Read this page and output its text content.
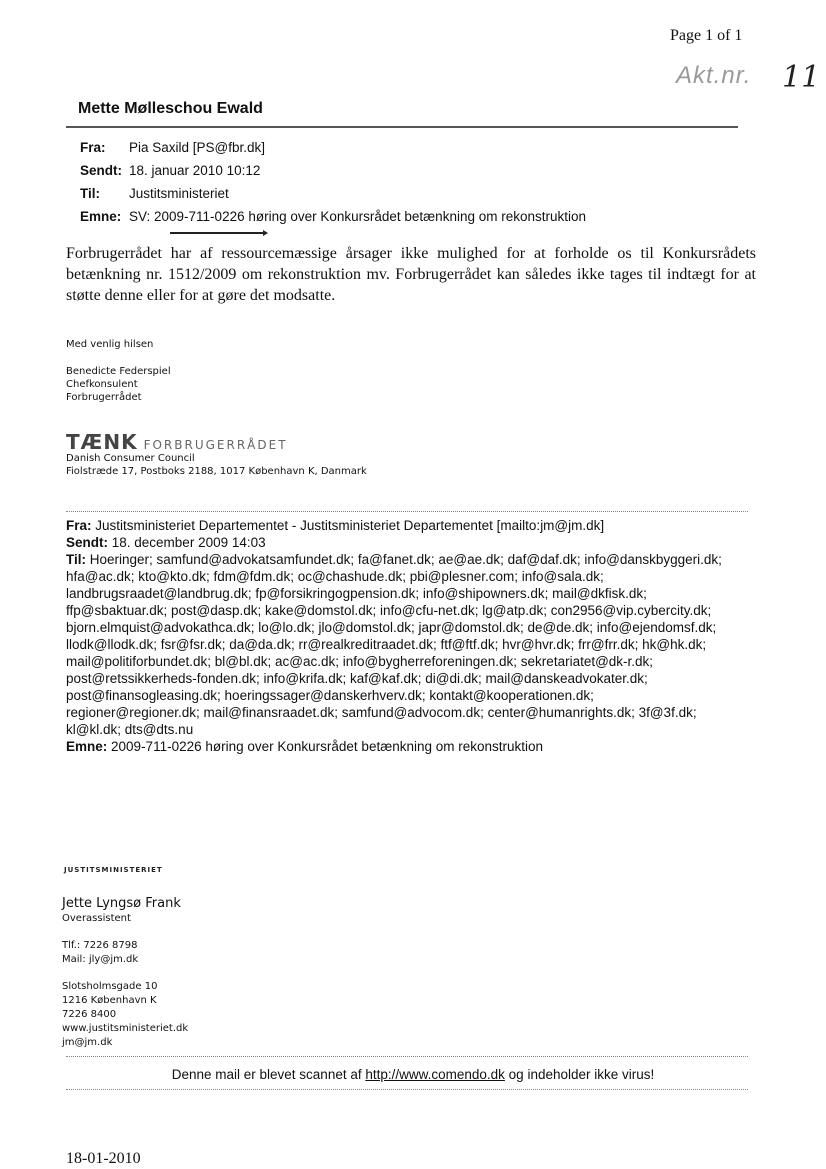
Page 1 of 1
Akt.nr. 11
Mette Mølleschou Ewald
Fra: Pia Saxild [PS@fbr.dk]
Sendt: 18. januar 2010 10:12
Til: Justitsministeriet
Emne: SV: 2009-711-0226 høring over Konkursrådet betænkning om rekonstruktion
Forbrugerrådet har af ressourcemæssige årsager ikke mulighed for at forholde os til Konkursrådets betænkning nr. 1512/2009 om rekonstruktion mv. Forbrugerrådet kan således ikke tages til indtægt for at støtte denne eller for at gøre det modsatte.
Med venlig hilsen
Benedicte Federspiel
Chefkonsulent
Forbrugerrådet
TÆNK FORBRUGERRÅDET
Danish Consumer Council
Fiolstræde 17, Postboks 2188, 1017 København K, Danmark
Fra: Justitsministeriet Departementet - Justitsministeriet Departementet [mailto:jm@jm.dk]
Sendt: 18. december 2009 14:03
Til: Hoeringer; samfund@advokatsamfundet.dk; fa@fanet.dk; ae@ae.dk; daf@daf.dk; info@danskbyggeri.dk;
hfa@ac.dk; kto@kto.dk; fdm@fdm.dk; oc@chashude.dk; pbi@plesner.com; info@sala.dk;
landbrugsraadet@landbrug.dk; fp@forsikringogpension.dk; info@shipowners.dk; mail@dkfisk.dk;
ffp@sbaktuar.dk; post@dasp.dk; kake@domstol.dk; info@cfu-net.dk; lg@atp.dk; con2956@vip.cybercity.dk;
bjorn.elmquist@advokathca.dk; lo@lo.dk; jlo@domstol.dk; japr@domstol.dk; de@de.dk; info@ejendomsf.dk;
llodk@llodk.dk; fsr@fsr.dk; da@da.dk; rr@realkreditraadet.dk; ftf@ftf.dk; hvr@hvr.dk; frr@frr.dk; hk@hk.dk;
mail@politiforbundet.dk; bl@bl.dk; ac@ac.dk; info@bygherreforeningen.dk; sekretariatet@dk-r.dk;
post@retssikkerheds-fonden.dk; info@krifa.dk; kaf@kaf.dk; di@di.dk; mail@danskeadvokater.dk;
post@finansogleasing.dk; hoeringssager@danskerhverv.dk; kontakt@kooperationen.dk;
regioner@regioner.dk; mail@finansraadet.dk; samfund@advocom.dk; center@humanrights.dk; 3f@3f.dk;
kl@kl.dk; dts@dts.nu
Emne: 2009-711-0226 høring over Konkursrådet betænkning om rekonstruktion
JUSTITSMINISTERIET
Jette Lyngsø Frank
Overassistent
Tlf.: 7226 8798
Mail: jly@jm.dk
Slotsholmsgade 10
1216 København K
7226 8400
www.justitsministeriet.dk
jm@jm.dk
Denne mail er blevet scannet af http://www.comendo.dk og indeholder ikke virus!
18-01-2010
